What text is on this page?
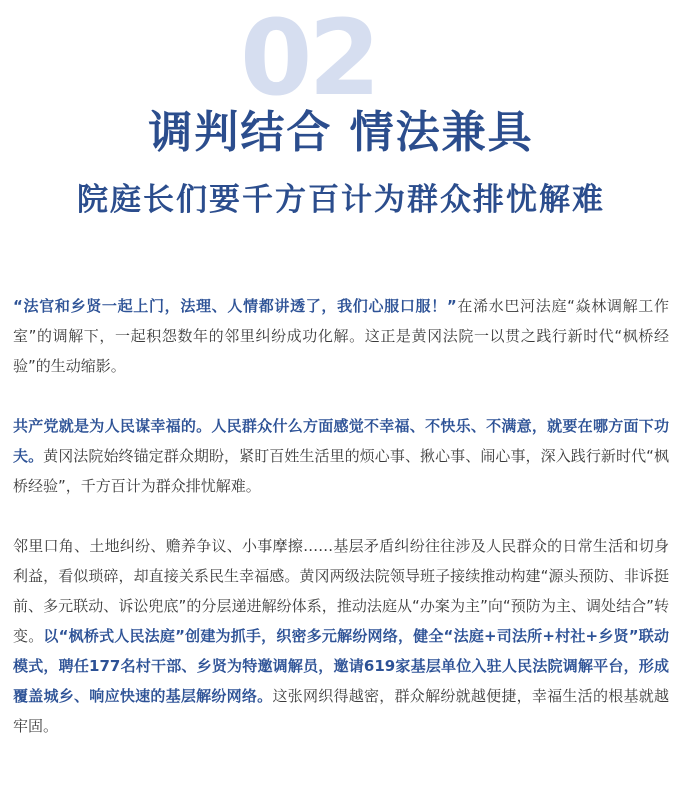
02
调判结合 情法兼具
院庭长们要千方百计为群众排忧解难

“法官和乡贤一起上门，法理、人情都讲透了，我们心服口服！”在浠水巴河法庭“焱林调解工作室”的调解下，一起积怨数年的邻里纠纷成功化解。这正是黄冈法院一以贯之践行新时代“枫桥经验”的生动缩影。

共产党就是为人民谋幸福的。人民群众什么方面感觉不幸福、不快乐、不满意，就要在哪方面下功夫。黄冈法院始终锚定群众期盼，紧盯百姓生活里的烦心事、揪心事、闹心事，深入践行新时代“枫桥经验”，千方百计为群众排忧解难。

邻里口角、土地纠纷、赡养争议、小事摩擦……基层矛盾纠纷往往涉及人民群众的日常生活和切身利益，看似琐碎，却直接关系民生幸福感。黄冈两级法院领导班子接续推动构建“源头预防、非诉挺前、多元联动、诉讼兜底”的分层递进解纷体系，推动法庭从“办案为主”向“预防为主、调处结合”转变。以“枫桥式人民法庭”创建为抓手，织密多元解纷网络，健全“法庭+司法所+村社+乡贤”联动模式，聘任177名村干部、乡贤为特邀调解员，邀请619家基层单位入驻人民法院调解平台，形成覆盖城乡、响应快速的基层解纷网络。这张网织得越密，群众解纷就越便捷，幸福生活的根基就越牢固。
